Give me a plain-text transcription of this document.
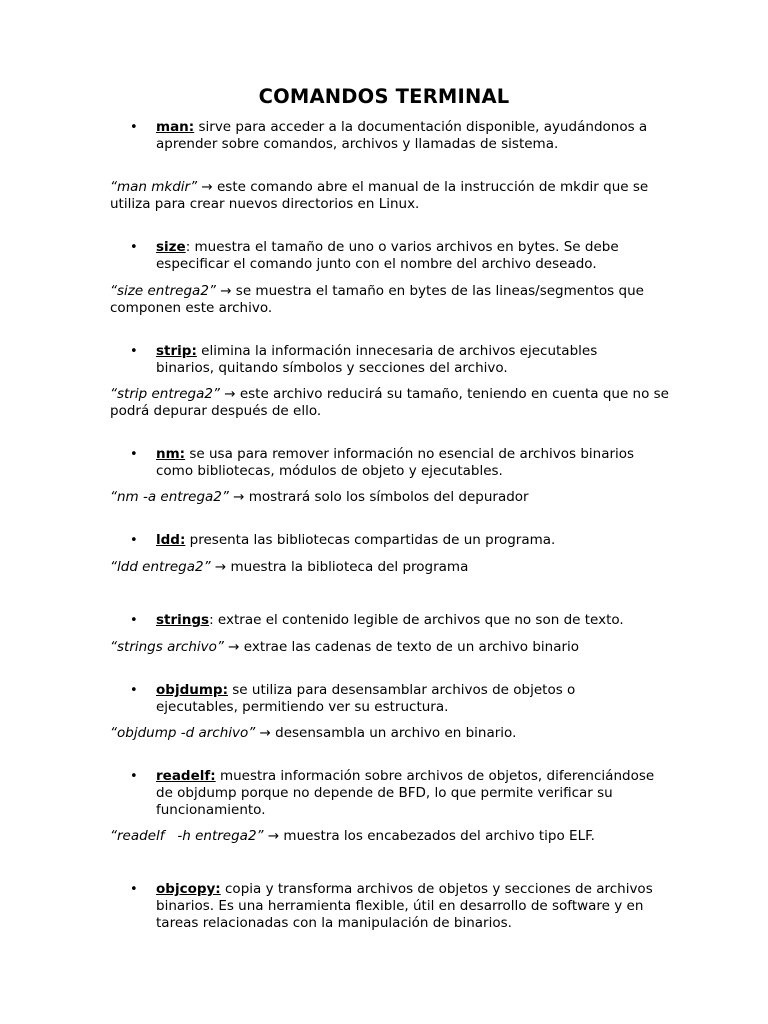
COMANDOS TERMINAL
• man: sirve para acceder a la documentación disponible, ayudándonos a aprender sobre comandos, archivos y llamadas de sistema.
“man mkdir” → este comando abre el manual de la instrucción de mkdir que se utiliza para crear nuevos directorios en Linux.
• size: muestra el tamaño de uno o varios archivos en bytes. Se debe especificar el comando junto con el nombre del archivo deseado.
“size entrega2” → se muestra el tamaño en bytes de las lineas/segmentos que componen este archivo.
• strip: elimina la información innecesaria de archivos ejecutables binarios, quitando símbolos y secciones del archivo.
“strip entrega2” → este archivo reducirá su tamaño, teniendo en cuenta que no se podrá depurar después de ello.
• nm: se usa para remover información no esencial de archivos binarios como bibliotecas, módulos de objeto y ejecutables.
“nm -a entrega2” → mostrará solo los símbolos del depurador
• ldd: presenta las bibliotecas compartidas de un programa.
“ldd entrega2” → muestra la biblioteca del programa
• strings: extrae el contenido legible de archivos que no son de texto.
“strings archivo” → extrae las cadenas de texto de un archivo binario
• objdump: se utiliza para desensamblar archivos de objetos o ejecutables, permitiendo ver su estructura.
“objdump -d archivo” → desensambla un archivo en binario.
• readelf: muestra información sobre archivos de objetos, diferenciándose de objdump porque no depende de BFD, lo que permite verificar su funcionamiento.
“readelf   -h entrega2” → muestra los encabezados del archivo tipo ELF.
• objcopy: copia y transforma archivos de objetos y secciones de archivos binarios. Es una herramienta flexible, útil en desarrollo de software y en tareas relacionadas con la manipulación de binarios.
